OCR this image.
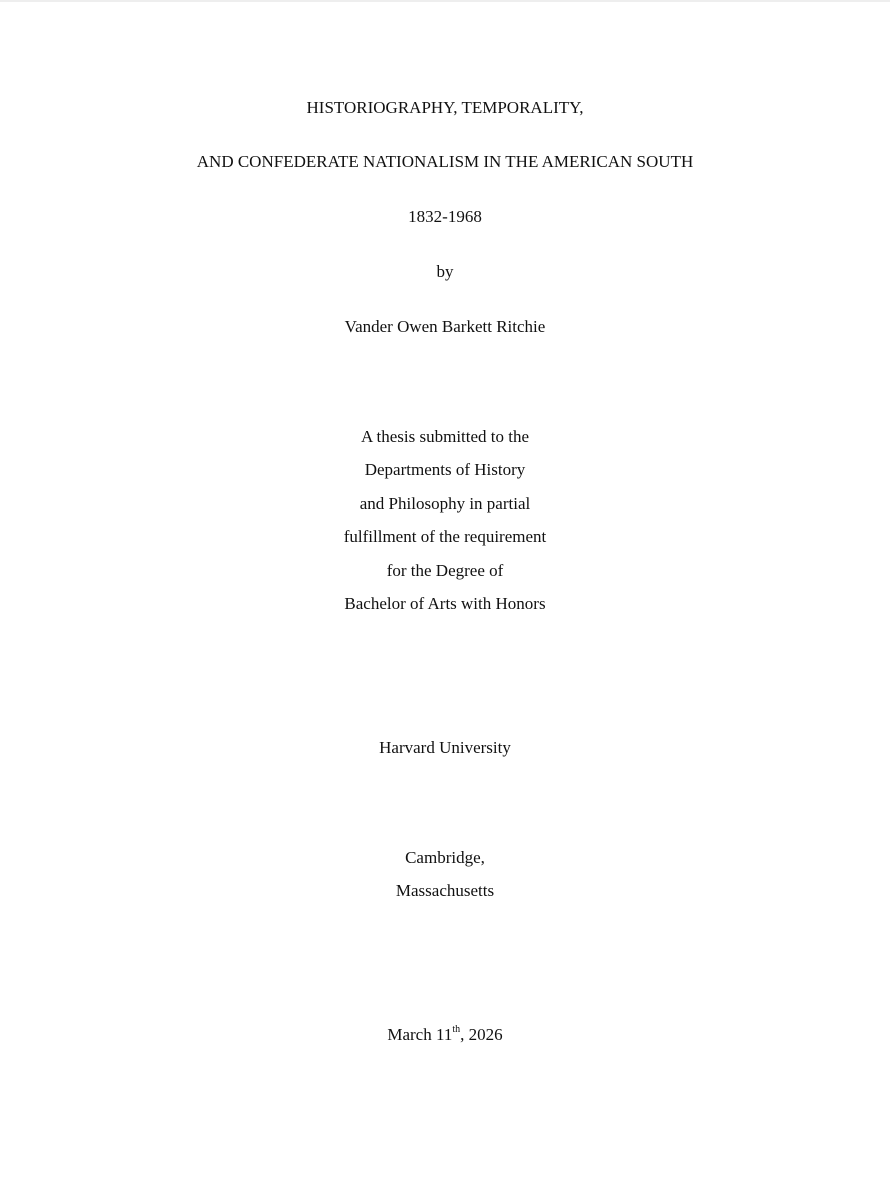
HISTORIOGRAPHY, TEMPORALITY,
AND CONFEDERATE NATIONALISM IN THE AMERICAN SOUTH
1832-1968
by
Vander Owen Barkett Ritchie
A thesis submitted to the
Departments of History
and Philosophy in partial
fulfillment of the requirement
for the Degree of
Bachelor of Arts with Honors
Harvard University
Cambridge,
Massachusetts
March 11th, 2026
